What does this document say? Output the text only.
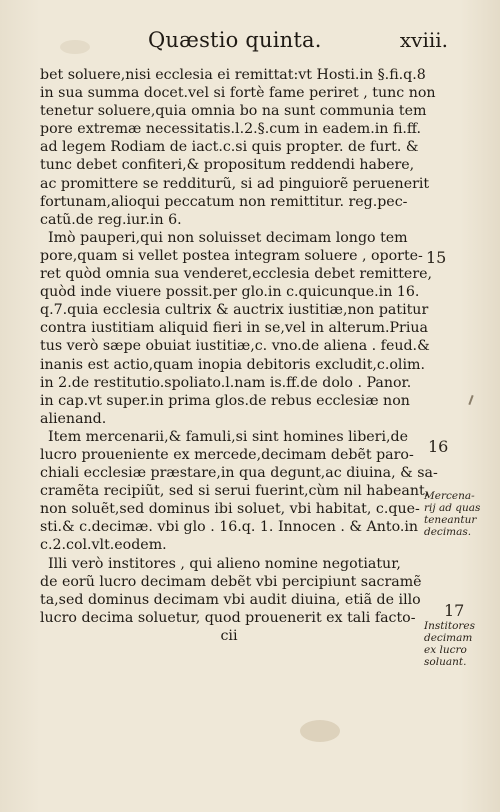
Quæstio quinta.	xviii.
bet soluere,nisi ecclesia ei remittat:vt Hosti.in §.fi.q.8
in sua summa docet.vel si fortè fame periret , tunc non
tenetur soluere,quia omnia bo na sunt communia tem
pore extremæ necessitatis.l.2.§.cum in eadem.in fi.ff.
ad legem Rodiam de iact.c.si quis propter. de furt. &
tunc debet confiteri,& propositum reddendi habere,
ac promittere se redditurũ, si ad pinguiorẽ peruenerit
fortunam,alioqui peccatum non remittitur. reg.pec-
catũ.de reg.iur.in 6.
Imò pauperi,qui non soluisset decimam longo tem
pore,quam si vellet postea integram soluere , oporte-
ret quòd omnia sua venderet,ecclesia debet remittere,
quòd inde viuere possit.per glo.in c.quicunque.in 16.
q.7.quia ecclesia cultrix & auctrix iustitiæ,non patitur
contra iustitiam aliquid fieri in se,vel in alterum.Priua
tus verò sæpe obuiat iustitiæ,c. vno.de aliena . feud.&
inanis est actio,quam inopia debitoris excludit,c.olim.
in 2.de restitutio.spoliato.l.nam is.ff.de dolo . Panor.
in cap.vt super.in prima glos.de rebus ecclesiæ non
alienand.
Item mercenarii,& famuli,si sint homines liberi,de
lucro proueniente ex mercede,decimam debẽt paro-
chiali ecclesiæ præstare,in qua degunt,ac diuina, & sa-
cramẽta recipiũt, sed si serui fuerint,cùm nil habeant,
non soluẽt,sed dominus ibi soluet, vbi habitat, c.que-
sti.& c.decimæ. vbi glo . 16.q. 1. Innocen . & Anto.in
c.2.col.vlt.eodem.
Illi verò institores , qui alieno nomine negotiatur,
de eorũ lucro decimam debẽt vbi percipiunt sacramẽ
ta,sed dominus decimam vbi audit diuina, etiã de illo
lucro decima soluetur, quod prouenerit ex tali facto-
cii
15
16
17
Mercena-
rij ad quas
teneantur
decimas.
Institores
decimam
ex lucro
soluant.
